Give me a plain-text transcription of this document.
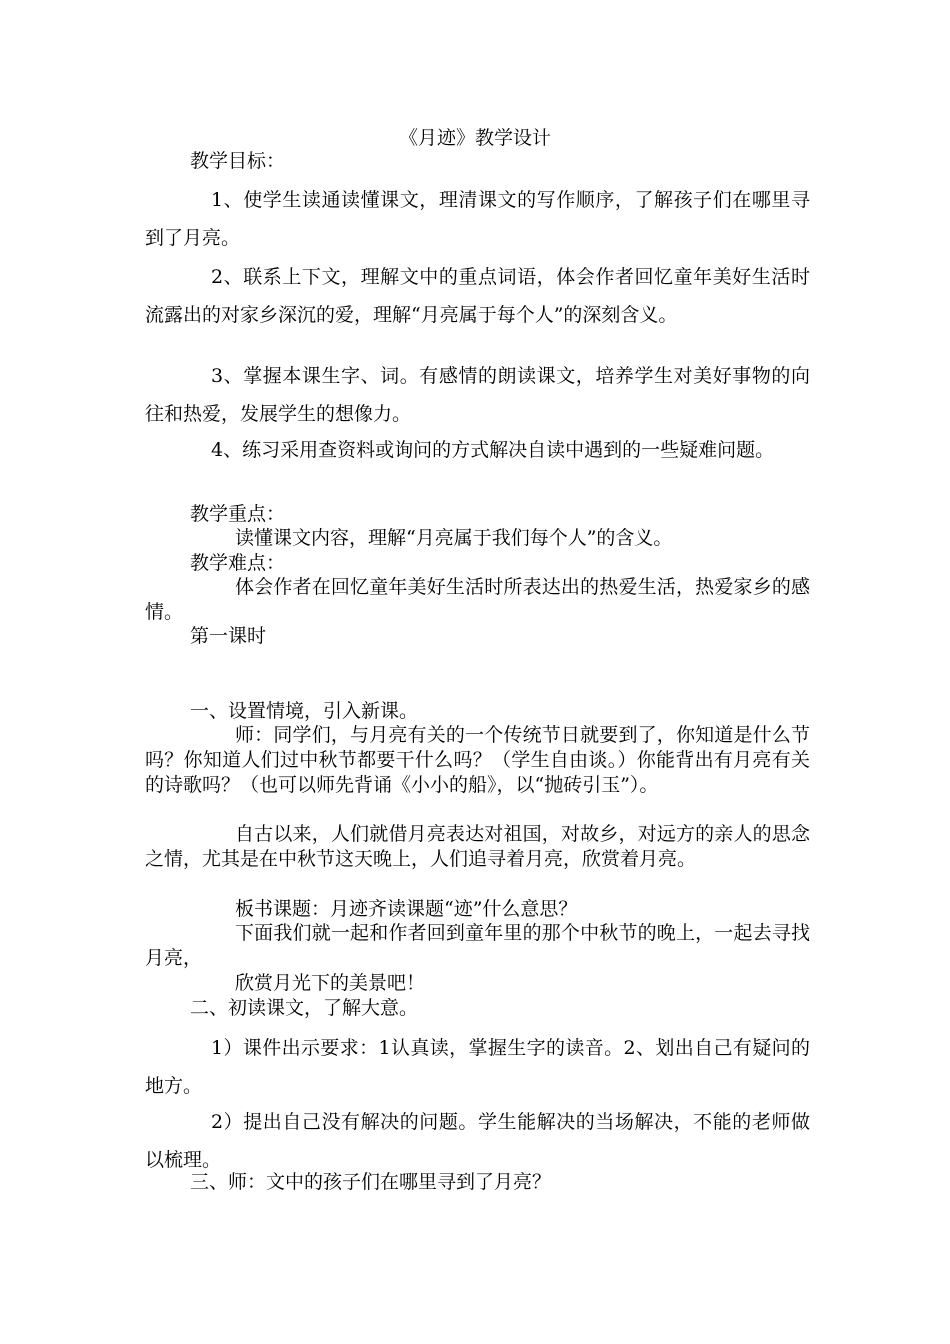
《月迹》教学设计

教学目标：

1、使学生读通读懂课文，理清课文的写作顺序，了解孩子们在哪里寻到了月亮。

2、联系上下文，理解文中的重点词语，体会作者回忆童年美好生活时流露出的对家乡深沉的爱，理解“月亮属于每个人”的深刻含义。

3、掌握本课生字、词。有感情的朗读课文，培养学生对美好事物的向往和热爱，发展学生的想像力。

4、练习采用查资料或询问的方式解决自读中遇到的一些疑难问题。

教学重点：

读懂课文内容，理解“月亮属于我们每个人”的含义。

教学难点：

体会作者在回忆童年美好生活时所表达出的热爱生活，热爱家乡的感情。

第一课时

一、设置情境，引入新课。

师：同学们，与月亮有关的一个传统节日就要到了，你知道是什么节吗？你知道人们过中秋节都要干什么吗？（学生自由谈。）你能背出有月亮有关的诗歌吗？（也可以师先背诵《小小的船》，以“抛砖引玉”）。

自古以来，人们就借月亮表达对祖国，对故乡，对远方的亲人的思念之情，尤其是在中秋节这天晚上，人们追寻着月亮，欣赏着月亮。

板书课题：月迹齐读课题“迹”什么意思？

下面我们就一起和作者回到童年里的那个中秋节的晚上，一起去寻找月亮，

欣赏月光下的美景吧！

二、初读课文，了解大意。

1）课件出示要求：1认真读，掌握生字的读音。2、划出自己有疑问的地方。

2）提出自己没有解决的问题。学生能解决的当场解决，不能的老师做以梳理。

三、师：文中的孩子们在哪里寻到了月亮？
